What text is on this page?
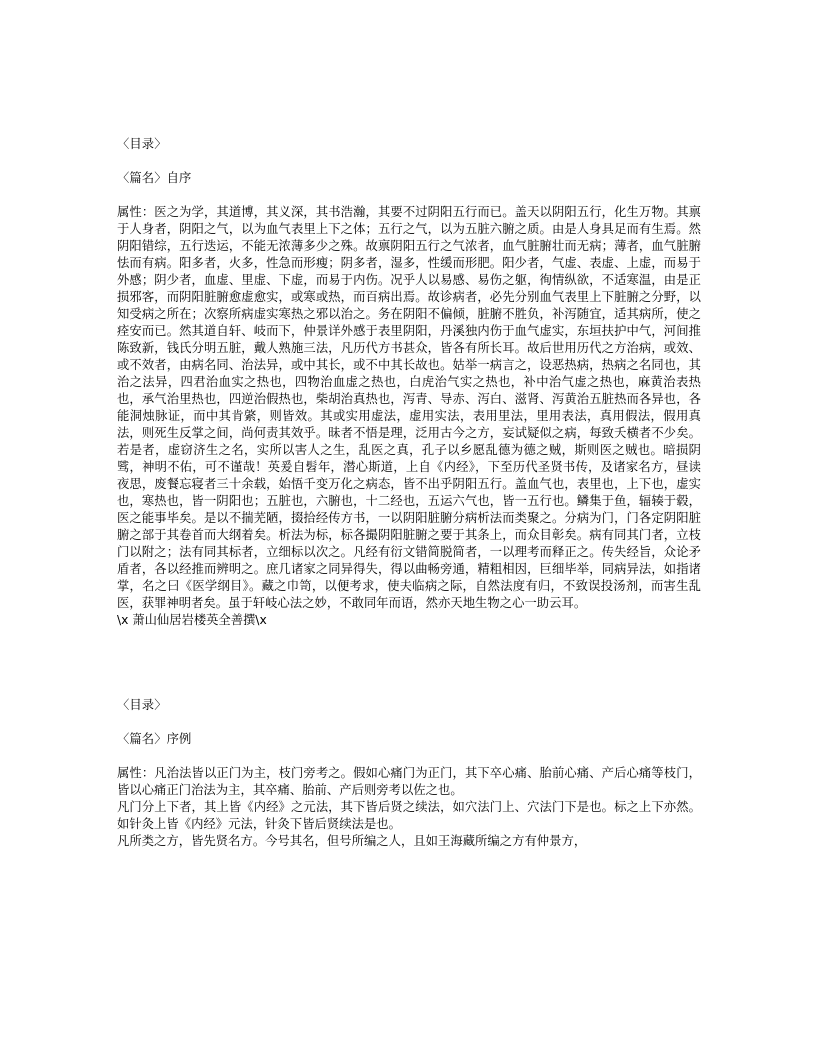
〈目录〉

〈篇名〉自序

属性：医之为学，其道博，其义深，其书浩瀚，其要不过阴阳五行而已。盖天以阴阳五行，化生万物。其禀于人身者，阴阳之气，以为血气表里上下之体；五行之气，以为五脏六腑之质。由是人身具足而有生焉。然阴阳错综，五行迭运，不能无浓薄多少之殊。故禀阴阳五行之气浓者，血气脏腑壮而无病；薄者，血气脏腑怯而有病。阳多者，火多，性急而形瘦；阴多者，湿多，性缓而形肥。阳少者，气虚、表虚、上虚，而易于外感；阴少者，血虚、里虚、下虚，而易于内伤。况乎人以易感、易伤之躯，徇情纵欲，不适寒温，由是正损邪客，而阴阳脏腑愈虚愈实，或寒或热，而百病出焉。故诊病者，必先分别血气表里上下脏腑之分野，以知受病之所在；次察所病虚实寒热之邪以治之。务在阴阳不偏倾，脏腑不胜负，补泻随宜，适其病所，使之痊安而已。然其道自轩、岐而下，仲景详外感于表里阴阳，丹溪独内伤于血气虚实，东垣扶护中气，河间推陈致新，钱氏分明五脏，戴人熟施三法，凡历代方书甚众，皆各有所长耳。故后世用历代之方治病，或效、或不效者，由病名同、治法异，或中其长，或不中其长故也。姑举一病言之，设恶热病，热病之名同也，其治之法异，四君治血实之热也，四物治血虚之热也，白虎治气实之热也，补中治气虚之热也，麻黄治表热也，承气治里热也，四逆治假热也，柴胡治真热也，泻青、导赤、泻白、滋肾、泻黄治五脏热而各异也，各能洞烛脉证，而中其肯綮，则皆效。其或实用虚法，虚用实法，表用里法，里用表法，真用假法，假用真法，则死生反掌之间，尚何责其效乎。昧者不悟是理，泛用古今之方，妄试疑似之病，每致夭横者不少矣。若是者，虚窃济生之名，实所以害人之生，乱医之真，孔子以乡愿乱德为德之贼，斯则医之贼也。暗损阴骘，神明不佑，可不谨哉！英爰自髫年，潜心斯道，上自《内经》，下至历代圣贤书传，及诸家名方，昼读夜思，废餐忘寝者三十余载，始悟千变万化之病态，皆不出乎阴阳五行。盖血气也，表里也，上下也，虚实也，寒热也，皆一阴阳也；五脏也，六腑也，十二经也，五运六气也，皆一五行也。鳞集于鱼，辐辏于毂，医之能事毕矣。是以不揣芜陋，掇拾经传方书，一以阴阳脏腑分病析法而类聚之。分病为门，门各定阴阳脏腑之部于其卷首而大纲着矣。析法为标，标各撮阴阳脏腑之要于其条上，而众目彰矣。病有同其门者，立枝门以附之；法有同其标者，立细标以次之。凡经有衍文错简脱简者，一以理考而释正之。传失经旨，众论矛盾者，各以经推而辨明之。庶几诸家之同异得失，得以曲畅旁通，精粗相因，巨细毕举，同病异法，如指诸掌，名之曰《医学纲目》。藏之巾笥，以便考求，使夫临病之际，自然法度有归，不致误投汤剂，而害生乱医，获罪神明者矣。虽于轩岐心法之妙，不敢同年而语，然亦天地生物之心一助云耳。

\x 萧山仙居岩楼英全善撰\x

〈目录〉

〈篇名〉序例

属性：凡治法皆以正门为主，枝门旁考之。假如心痛门为正门，其下卒心痛、胎前心痛、产后心痛等枝门，皆以心痛正门治法为主，其卒痛、胎前、产后则旁考以佐之也。

凡门分上下者，其上皆《内经》之元法，其下皆后贤之续法，如穴法门上、穴法门下是也。标之上下亦然。如针灸上皆《内经》元法，针灸下皆后贤续法是也。

凡所类之方，皆先贤名方。今号其名，但号所编之人，且如王海藏所编之方有仲景方，
